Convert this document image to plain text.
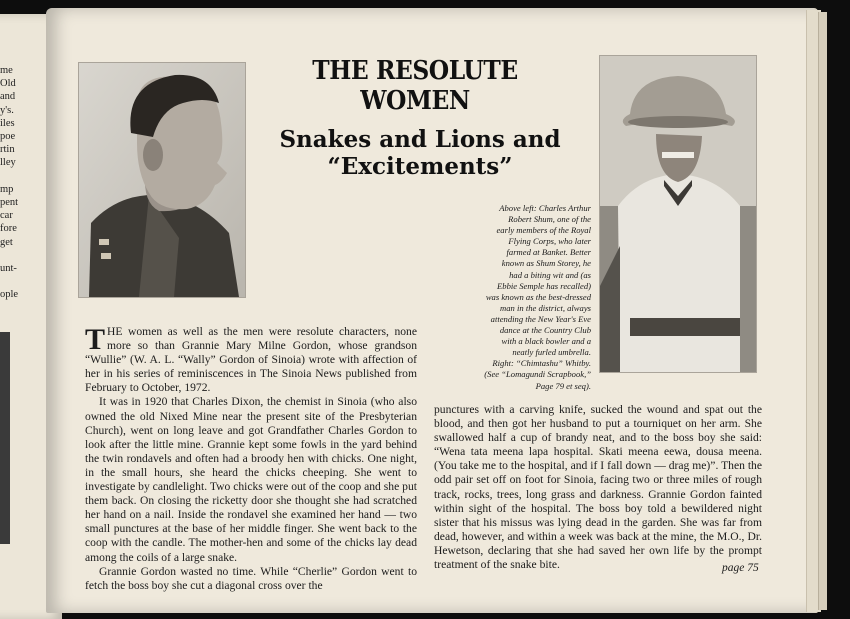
me
Old
and
y's.
iles
poe
rtin
lley
mp
pent
car
fore
get
unt-
ople
THE RESOLUTE
WOMEN
Snakes and Lions and
“Excitements”
Above left: Charles Arthur
Robert Shum, one of the
early members of the Royal
Flying Corps, who later
farmed at Banket. Better
known as Shum Storey, he
had a biting wit and (as
Ebbie Semple has recalled)
was known as the best-dressed
man in the district, always
attending the New Year's Eve
dance at the Country Club
with a black bowler and a
neatly furled umbrella.
Right: “Chimtashu” Whitby.
(See “Lomagundi Scrapbook,”
Page 79 et seq).

THE women as well as the men were resolute characters, none more so than Grannie Mary Milne Gordon, whose grandson “Wullie” (W. A. L. “Wally” Gordon of Sinoia) wrote with affection of her in his series of reminiscences in The Sinoia News published from February to October, 1972.

It was in 1920 that Charles Dixon, the chemist in Sinoia (who also owned the old Nixed Mine near the present site of the Presbyterian Church), went on long leave and got Grandfather Charles Gordon to look after the little mine. Grannie kept some fowls in the yard behind the twin rondavels and often had a broody hen with chicks. One night, in the small hours, she heard the chicks cheeping. She went to investigate by candlelight. Two chicks were out of the coop and she put them back. On closing the ricketty door she thought she had scratched her hand on a nail. Inside the rondavel she examined her hand — two small punctures at the base of her middle finger. She went back to the coop with the candle. The mother-hen and some of the chicks lay dead among the coils of a large snake.

Grannie Gordon wasted no time. While “Cherlie” Gordon went to fetch the boss boy she cut a diagonal cross over the

punctures with a carving knife, sucked the wound and spat out the blood, and then got her husband to put a tourniquet on her arm. She swallowed half a cup of brandy neat, and to the boss boy she said: “Wena tata meena lapa hospital. Skati meena eewa, dousa meena. (You take me to the hospital, and if I fall down — drag me)”. Then the odd pair set off on foot for Sinoia, facing two or three miles of rough track, rocks, trees, long grass and darkness. Grannie Gordon fainted within sight of the hospital. The boss boy told a bewildered night sister that his missus was lying dead in the garden. She was far from dead, however, and within a week was back at the mine, the M.O., Dr. Hewetson, declaring that she had saved her own life by the prompt treatment of the snake bite.	page 75
